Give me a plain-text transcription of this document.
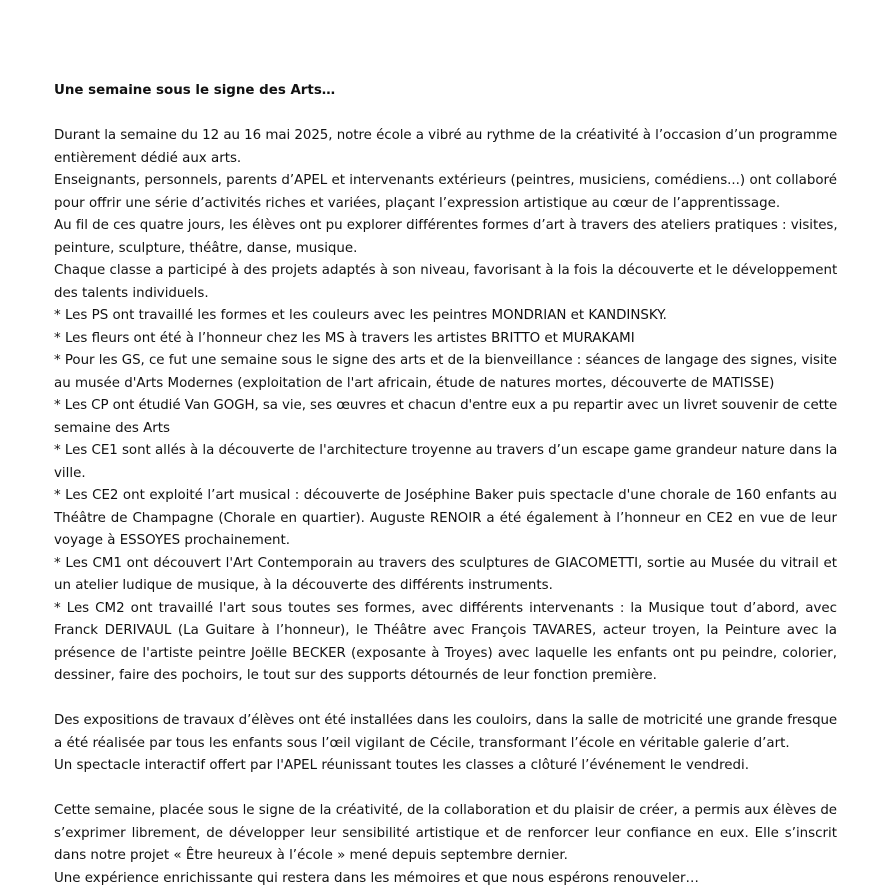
Une semaine sous le signe des Arts…
Durant la semaine du 12 au 16 mai 2025, notre école a vibré au rythme de la créativité à l’occasion d’un programme
entièrement dédié aux arts.
Enseignants, personnels, parents d’APEL et intervenants extérieurs (peintres, musiciens, comédiens...) ont collaboré
pour offrir une série d’activités riches et variées, plaçant l’expression artistique au cœur de l’apprentissage.
Au fil de ces quatre jours, les élèves ont pu explorer différentes formes d’art à travers des ateliers pratiques : visites,
peinture, sculpture, théâtre, danse, musique.
Chaque classe a participé à des projets adaptés à son niveau, favorisant à la fois la découverte et le développement
des talents individuels.
* Les PS ont travaillé les formes et les couleurs avec les peintres MONDRIAN et KANDINSKY.
* Les fleurs ont été à l’honneur chez les MS à travers les artistes BRITTO et MURAKAMI
* Pour les GS, ce fut une semaine sous le signe des arts et de la bienveillance : séances de langage des signes, visite
au musée d'Arts Modernes (exploitation de l'art africain, étude de natures mortes, découverte de MATISSE)
* Les CP ont étudié Van GOGH, sa vie, ses œuvres et chacun d'entre eux a pu repartir avec un livret souvenir de cette
semaine des Arts
* Les CE1 sont allés à la découverte de l'architecture troyenne au travers d’un escape game grandeur nature dans la
ville.
* Les CE2 ont exploité l’art musical : découverte de Joséphine Baker puis spectacle d'une chorale de 160 enfants au
Théâtre de Champagne (Chorale en quartier). Auguste RENOIR a été également à l’honneur en CE2 en vue de leur
voyage à ESSOYES prochainement.
* Les CM1 ont découvert l'Art Contemporain au travers des sculptures de GIACOMETTI, sortie au Musée du vitrail et
un atelier ludique de musique, à la découverte des différents instruments.
* Les CM2 ont travaillé l'art sous toutes ses formes, avec différents intervenants : la Musique tout d’abord, avec
Franck DERIVAUL (La Guitare à l’honneur), le Théâtre avec François TAVARES, acteur troyen, la Peinture avec la
présence de l'artiste peintre Joëlle BECKER (exposante à Troyes) avec laquelle les enfants ont pu peindre, colorier,
dessiner, faire des pochoirs, le tout sur des supports détournés de leur fonction première.
Des expositions de travaux d’élèves ont été installées dans les couloirs, dans la salle de motricité une grande fresque
a été réalisée par tous les enfants sous l’œil vigilant de Cécile, transformant l’école en véritable galerie d’art.
Un spectacle interactif offert par l'APEL réunissant toutes les classes a clôturé l’événement le vendredi.
Cette semaine, placée sous le signe de la créativité, de la collaboration et du plaisir de créer, a permis aux élèves de
s’exprimer librement, de développer leur sensibilité artistique et de renforcer leur confiance en eux. Elle s’inscrit
dans notre projet « Être heureux à l’école » mené depuis septembre dernier.
Une expérience enrichissante qui restera dans les mémoires et que nous espérons renouveler…
